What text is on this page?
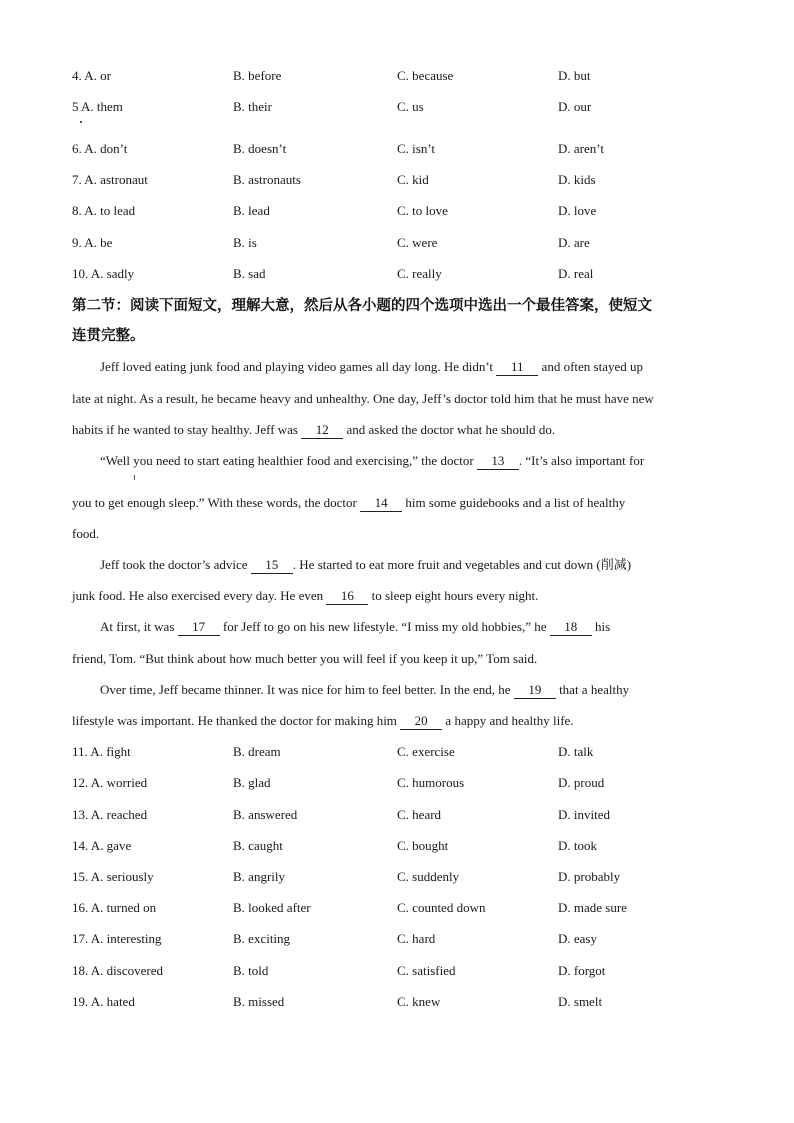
4. A. or	B. before	C. because	D. but
5 A. them	B. their	C. us	D. our
6. A. don’t	B. doesn’t	C. isn’t	D. aren’t
7. A. astronaut	B. astronauts	C. kid	D. kids
8. A. to lead	B. lead	C. to love	D. love
9. A. be	B. is	C. were	D. are
10. A. sadly	B. sad	C. really	D. real
第二节：阅读下面短文，理解大意，然后从各小题的四个选项中选出一个最佳答案，使短文
连贯完整。
Jeff loved eating junk food and playing video games all day long. He didn’t 11 and often stayed up
late at night. As a result, he became heavy and unhealthy. One day, Jeff’s doctor told him that he must have new
habits if he wanted to stay healthy. Jeff was 12 and asked the doctor what he should do.
“Well you need to start eating healthier food and exercising,” the doctor 13 . “It’s also important for
you to get enough sleep.” With these words, the doctor 14 him some guidebooks and a list of healthy
food.
Jeff took the doctor’s advice 15 . He started to eat more fruit and vegetables and cut down (削减)
junk food. He also exercised every day. He even 16 to sleep eight hours every night.
At first, it was 17 for Jeff to go on his new lifestyle. “I miss my old hobbies,” he 18 his
friend, Tom. “But think about how much better you will feel if you keep it up,” Tom said.
Over time, Jeff became thinner. It was nice for him to feel better. In the end, he 19 that a healthy
lifestyle was important. He thanked the doctor for making him 20 a happy and healthy life.
11. A. fight	B. dream	C. exercise	D. talk
12. A. worried	B. glad	C. humorous	D. proud
13. A. reached	B. answered	C. heard	D. invited
14. A. gave	B. caught	C. bought	D. took
15. A. seriously	B. angrily	C. suddenly	D. probably
16. A. turned on	B. looked after	C. counted down	D. made sure
17. A. interesting	B. exciting	C. hard	D. easy
18. A. discovered	B. told	C. satisfied	D. forgot
19. A. hated	B. missed	C. knew	D. smelt
